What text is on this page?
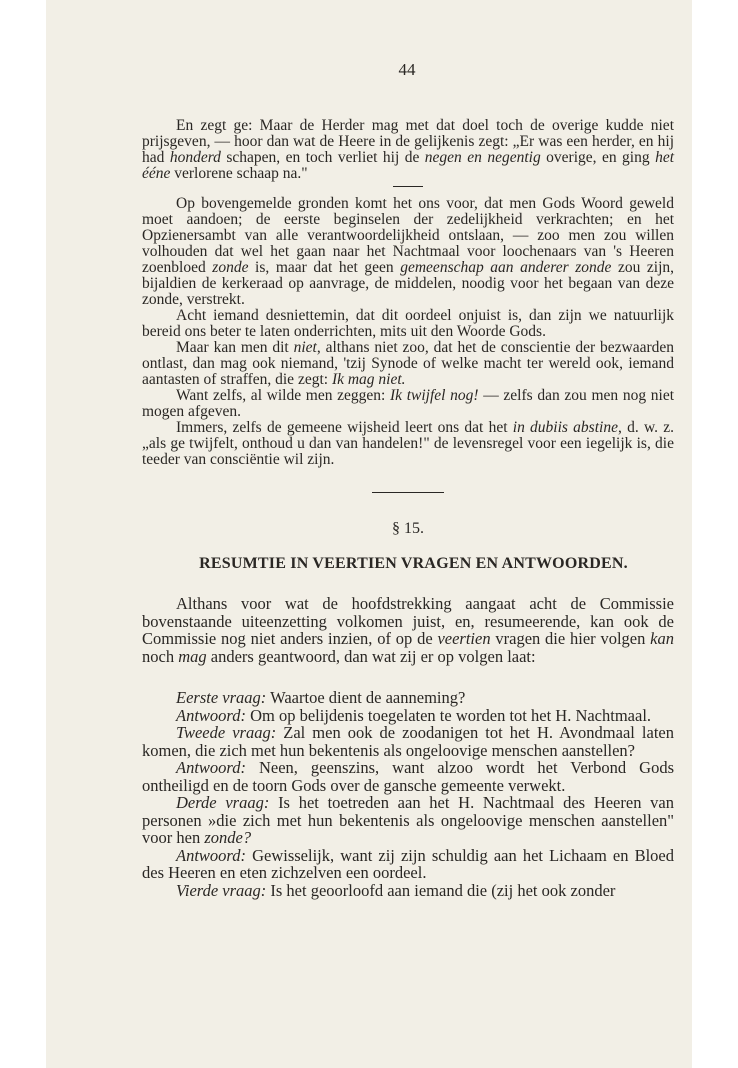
44

En zegt ge: Maar de Herder mag met dat doel toch de overige kudde niet prijsgeven, — hoor dan wat de Heere in de gelijkenis zegt: „Er was een herder, en hij had honderd schapen, en toch verliet hij de negen en negentig overige, en ging het ééne verlorene schaap na."

Op bovengemelde gronden komt het ons voor, dat men Gods Woord geweld moet aandoen; de eerste beginselen der zedelijkheid verkrachten; en het Opzienersambt van alle verantwoordelijkheid ontslaan, — zoo men zou willen volhouden dat wel het gaan naar het Nachtmaal voor loochenaars van 's Heeren zoenbloed zonde is, maar dat het geen gemeenschap aan anderer zonde zou zijn, bijaldien de kerkeraad op aanvrage, de middelen, noodig voor het begaan van deze zonde, verstrekt.

Acht iemand desniettemin, dat dit oordeel onjuist is, dan zijn we natuurlijk bereid ons beter te laten onderrichten, mits uit den Woorde Gods.

Maar kan men dit niet, althans niet zoo, dat het de conscientie der bezwaarden ontlast, dan mag ook niemand, 'tzij Synode of welke macht ter wereld ook, iemand aantasten of straffen, die zegt: Ik mag niet.

Want zelfs, al wilde men zeggen: Ik twijfel nog! — zelfs dan zou men nog niet mogen afgeven.

Immers, zelfs de gemeene wijsheid leert ons dat het in dubiis abstine, d. w. z. „als ge twijfelt, onthoud u dan van handelen!" de levensregel voor een iegelijk is, die teeder van consciëntie wil zijn.

§ 15.
RESUMTIE IN VEERTIEN VRAGEN EN ANTWOORDEN.

Althans voor wat de hoofdstrekking aangaat acht de Commissie bovenstaande uiteenzetting volkomen juist, en, resumeerende, kan ook de Commissie nog niet anders inzien, of op de veertien vragen die hier volgen kan noch mag anders geantwoord, dan wat zij er op volgen laat:

Eerste vraag: Waartoe dient de aanneming?

Antwoord: Om op belijdenis toegelaten te worden tot het H. Nachtmaal.

Tweede vraag: Zal men ook de zoodanigen tot het H. Avondmaal laten komen, die zich met hun bekentenis als ongeloovige menschen aanstellen?

Antwoord: Neen, geenszins, want alzoo wordt het Verbond Gods ontheiligd en de toorn Gods over de gansche gemeente verwekt.

Derde vraag: Is het toetreden aan het H. Nachtmaal des Heeren van personen »die zich met hun bekentenis als ongeloovige menschen aanstellen" voor hen zonde?

Antwoord: Gewisselijk, want zij zijn schuldig aan het Lichaam en Bloed des Heeren en eten zichzelven een oordeel.

Vierde vraag: Is het geoorloofd aan iemand die (zij het ook zonder
